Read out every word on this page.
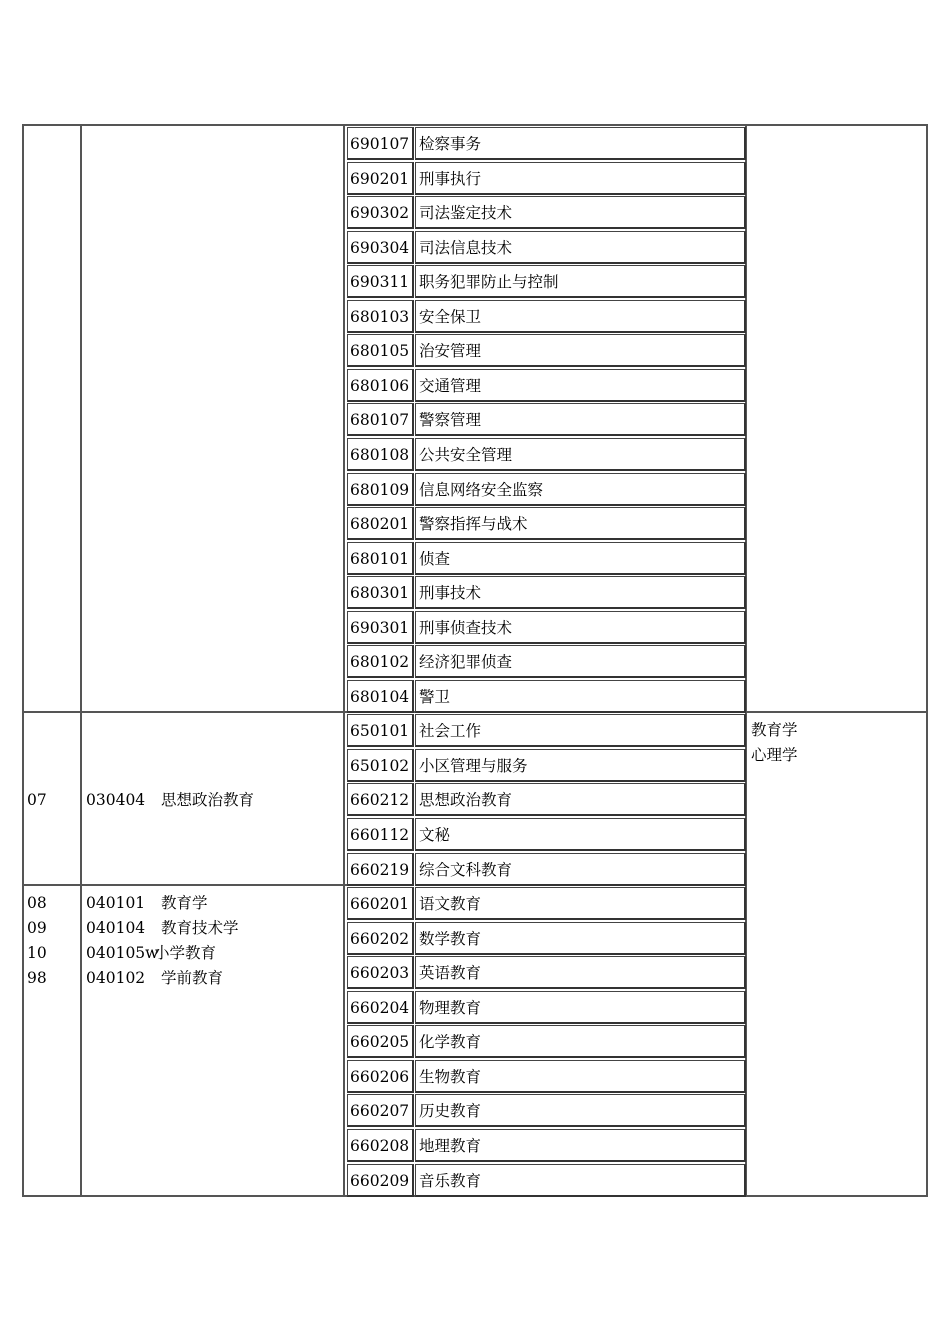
690107 检察事务
690201 刑事执行
690302 司法鉴定技术
690304 司法信息技术
690311 职务犯罪防止与控制
680103 安全保卫
680105 治安管理
680106 交通管理
680107 警察管理
680108 公共安全管理
680109 信息网络安全监察
680201 警察指挥与战术
680101 侦查
680301 刑事技术
690301 刑事侦查技术
680102 经济犯罪侦查
680104 警卫
650101 社会工作
650102 小区管理与服务
660212 思想政治教育
660112 文秘
660219 综合文科教育
660201 语文教育
660202 数学教育
660203 英语教育
660204 物理教育
660205 化学教育
660206 生物教育
660207 历史教育
660208 地理教育
660209 音乐教育
07	030404 思想政治教育
08
09
10
98
040101
040104
040105w
040102
教育学
教育技术学
小学教育
学前教育
教育学
心理学
